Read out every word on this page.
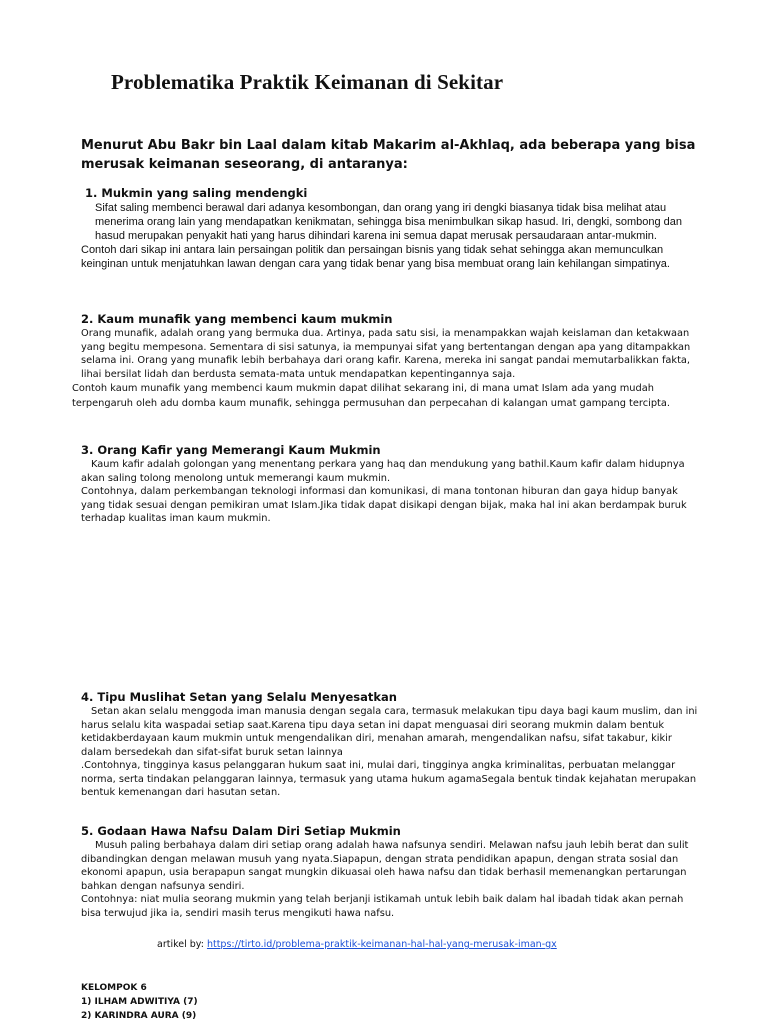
Problematika Praktik Keimanan di Sekitar
Menurut Abu Bakr bin Laal dalam kitab Makarim al-Akhlaq, ada beberapa yang bisa merusak keimanan seseorang, di antaranya:
1. Mukmin yang saling mendengki

Sifat saling membenci berawal dari adanya kesombongan, dan orang yang iri dengki biasanya tidak bisa melihat atau menerima orang lain yang mendapatkan kenikmatan, sehingga bisa menimbulkan sikap hasud. Iri, dengki, sombong dan hasud merupakan penyakit hati yang harus dihindari karena ini semua dapat merusak persaudaraan antar-mukmin.

Contoh dari sikap ini antara lain persaingan politik dan persaingan bisnis yang tidak sehat sehingga akan memunculkan keinginan untuk menjatuhkan lawan dengan cara yang tidak benar yang bisa membuat orang lain kehilangan simpatinya.

2. Kaum munafik yang membenci kaum mukmin

Orang munafik, adalah orang yang bermuka dua. Artinya, pada satu sisi, ia menampakkan wajah keislaman dan ketakwaan yang begitu mempesona. Sementara di sisi satunya, ia mempunyai sifat yang bertentangan dengan apa yang ditampakkan selama ini. Orang yang munafik lebih berbahaya dari orang kafir. Karena, mereka ini sangat pandai memutarbalikkan fakta, lihai bersilat lidah dan berdusta semata-mata untuk mendapatkan kepentingannya saja.

Contoh kaum munafik yang membenci kaum mukmin dapat dilihat sekarang ini, di mana umat Islam ada yang mudah terpengaruh oleh adu domba kaum munafik, sehingga permusuhan dan perpecahan di kalangan umat gampang tercipta.

3. Orang Kafir yang Memerangi Kaum Mukmin

Kaum kafir adalah golongan yang menentang perkara yang haq dan mendukung yang bathil.Kaum kafir dalam hidupnya akan saling tolong menolong untuk memerangi kaum mukmin.

Contohnya, dalam perkembangan teknologi informasi dan komunikasi, di mana tontonan hiburan dan gaya hidup banyak yang tidak sesuai dengan pemikiran umat Islam.Jika tidak dapat disikapi dengan bijak, maka hal ini akan berdampak buruk terhadap kualitas iman kaum mukmin.

4. Tipu Muslihat Setan yang Selalu Menyesatkan

Setan akan selalu menggoda iman manusia dengan segala cara, termasuk melakukan tipu daya bagi kaum muslim, dan ini harus selalu kita waspadai setiap saat.Karena tipu daya setan ini dapat menguasai diri seorang mukmin dalam bentuk ketidakberdayaan kaum mukmin untuk mengendalikan diri, menahan amarah, mengendalikan nafsu, sifat takabur, kikir dalam bersedekah dan sifat-sifat buruk setan lainnya

.Contohnya, tingginya kasus pelanggaran hukum saat ini, mulai dari, tingginya angka kriminalitas, perbuatan melanggar norma, serta tindakan pelanggaran lainnya, termasuk yang utama hukum agamaSegala bentuk tindak kejahatan merupakan bentuk kemenangan dari hasutan setan.

5. Godaan Hawa Nafsu Dalam Diri Setiap Mukmin

Musuh paling berbahaya dalam diri setiap orang adalah hawa nafsunya sendiri. Melawan nafsu jauh lebih berat dan sulit dibandingkan dengan melawan musuh yang nyata.Siapapun, dengan strata pendidikan apapun, dengan strata sosial dan ekonomi apapun, usia berapapun sangat mungkin dikuasai oleh hawa nafsu dan tidak berhasil memenangkan pertarungan bahkan dengan nafsunya sendiri.

Contohnya: niat mulia seorang mukmin yang telah berjanji istikamah untuk lebih baik dalam hal ibadah tidak akan pernah bisa terwujud jika ia, sendiri masih terus mengikuti hawa nafsu.

artikel by: https://tirto.id/problema-praktik-keimanan-hal-hal-yang-merusak-iman-gx
KELOMPOK 6
1) ILHAM ADWITIYA (7)
2) KARINDRA AURA (9)
